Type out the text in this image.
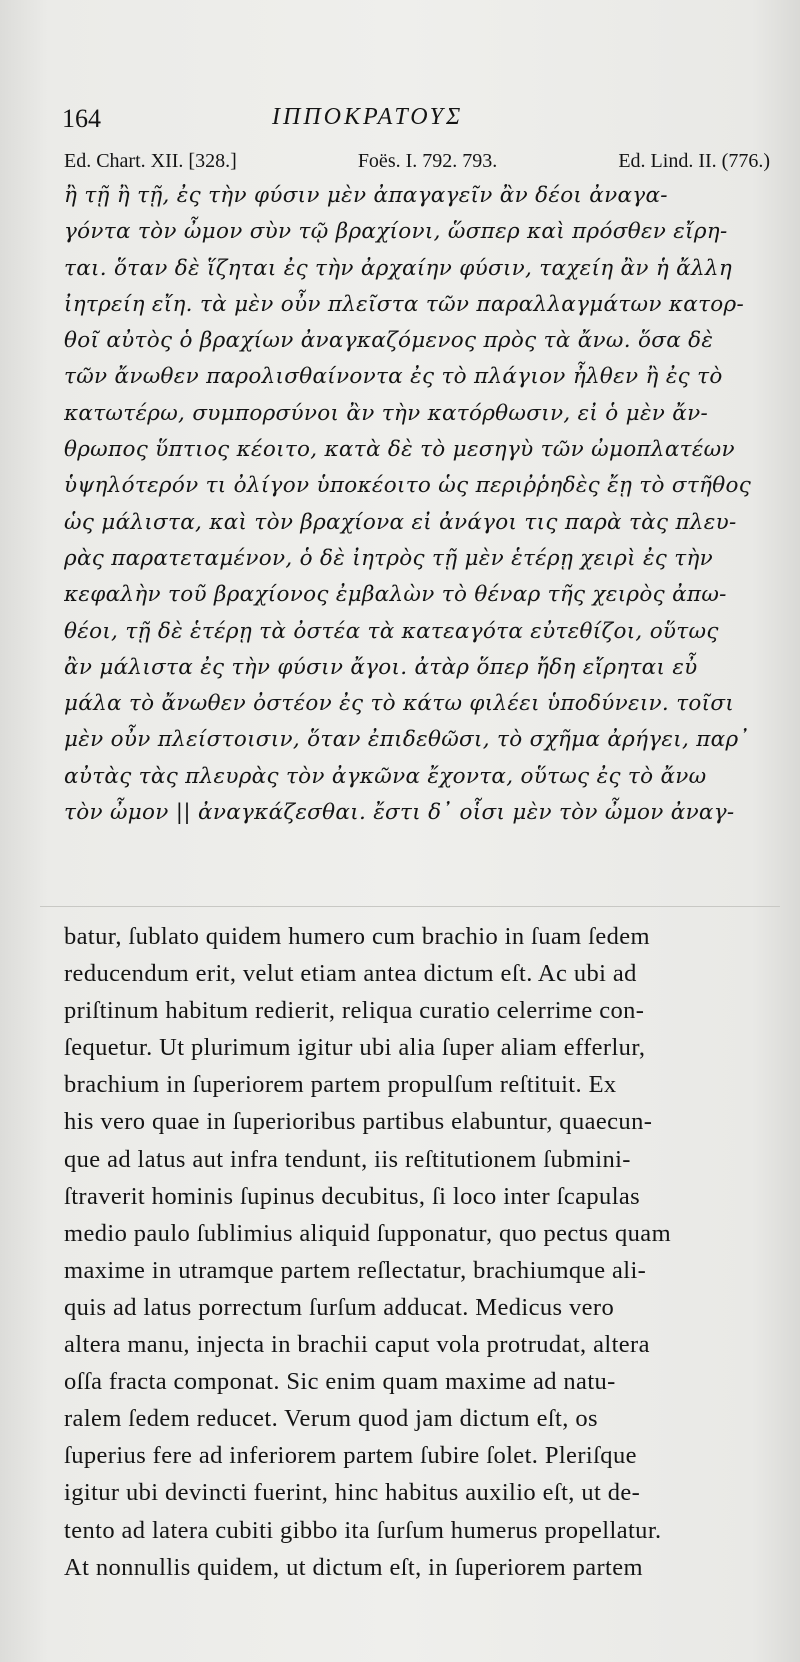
164	ΙΠΠΟΚΡΑΤΟΥΣ
Ed. Chart. XII. [328.]	Foës. I. 792. 793.	Ed. Lind. II. (776.)
ἢ τῇ ἢ τῇ, ἐς τὴν φύσιν μὲν ἀπαγαγεῖν ἂν δέοι ἀναγα-
γόντα τὸν ὦμον σὺν τῷ βραχίονι, ὥσπερ καὶ πρόσθεν εἴρη-
ται. ὅταν δὲ ἵζηται ἐς τὴν ἀρχαίην φύσιν, ταχείη ἂν ἡ ἄλλη
ἰητρείη εἴη. τὰ μὲν οὖν πλεῖστα τῶν παραλλαγμάτων κατορ-
θοῖ αὐτὸς ὁ βραχίων ἀναγκαζόμενος πρὸς τὰ ἄνω. ὅσα δὲ
τῶν ἄνωθεν παρολισθαίνοντα ἐς τὸ πλάγιον ἦλθεν ἢ ἐς τὸ
κατωτέρω, συμπορσύνοι ἂν τὴν κατόρθωσιν, εἰ ὁ μὲν ἄν-
θρωπος ὕπτιος κέοιτο, κατὰ δὲ τὸ μεσηγὺ τῶν ὠμοπλατέων
ὑψηλότερόν τι ὀλίγον ὑποκέοιτο ὡς περιῤῥηδὲς ἔῃ τὸ στῆθος
ὡς μάλιστα, καὶ τὸν βραχίονα εἰ ἀνάγοι τις παρὰ τὰς πλευ-
ρὰς παρατεταμένον, ὁ δὲ ἰητρὸς τῇ μὲν ἑτέρῃ χειρὶ ἐς τὴν
κεφαλὴν τοῦ βραχίονος ἐμβαλὼν τὸ θέναρ τῆς χειρὸς ἀπω-
θέοι, τῇ δὲ ἑτέρῃ τὰ ὀστέα τὰ κατεαγότα εὐτεθίζοι, οὕτως
ἂν μάλιστα ἐς τὴν φύσιν ἄγοι. ἀτὰρ ὅπερ ἤδη εἴρηται εὖ
μάλα τὸ ἄνωθεν ὀστέον ἐς τὸ κάτω φιλέει ὑποδύνειν. τοῖσι
μὲν οὖν πλείστοισιν, ὅταν ἐπιδεθῶσι, τὸ σχῆμα ἀρήγει, παρ᾽
αὐτὰς τὰς πλευρὰς τὸν ἀγκῶνα ἔχοντα, οὕτως ἐς τὸ ἄνω
τὸν ὦμον || ἀναγκάζεσθαι. ἔστι δ᾽ οἷσι μὲν τὸν ὦμον ἀναγ-
batur, ſublato quidem humero cum brachio in ſuam ſedem
reducendum erit, velut etiam antea dictum eſt. Ac ubi ad
priſtinum habitum redierit, reliqua curatio celerrime con-
ſequetur. Ut plurimum igitur ubi alia ſuper aliam efferlur,
brachium in ſuperiorem partem propulſum reſtituit. Ex
his vero quae in ſuperioribus partibus elabuntur, quaecun-
que ad latus aut infra tendunt, iis reſtitutionem ſubmini-
ſtraverit hominis ſupinus decubitus, ſi loco inter ſcapulas
medio paulo ſublimius aliquid ſupponatur, quo pectus quam
maxime in utramque partem reſlectatur, brachiumque ali-
quis ad latus porrectum ſurſum adducat. Medicus vero
altera manu, injecta in brachii caput vola protrudat, altera
oſſa fracta componat. Sic enim quam maxime ad natu-
ralem ſedem reducet. Verum quod jam dictum eſt, os
ſuperius fere ad inferiorem partem ſubire ſolet. Pleriſque
igitur ubi devincti fuerint, hinc habitus auxilio eſt, ut de-
tento ad latera cubiti gibbo ita ſurſum humerus propellatur.
At nonnullis quidem, ut dictum eſt, in ſuperiorem partem
